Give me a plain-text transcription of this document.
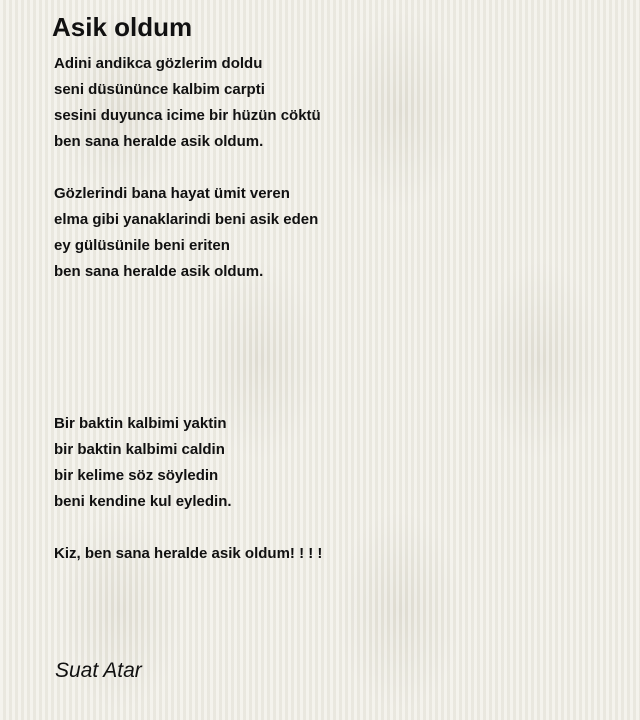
Asik oldum
Adini andikca gözlerim doldu
seni düsününce kalbim carpti
sesini duyunca icime bir hüzün cöktü
ben sana heralde asik oldum.
Gözlerindi bana hayat ümit veren
elma gibi yanaklarindi beni asik eden
ey gülüsünile beni eriten
ben sana heralde asik oldum.
Bir baktin kalbimi yaktin
bir baktin kalbimi caldin
bir kelime söz söyledin
beni kendine kul eyledin.
Kiz, ben sana heralde asik oldum! ! ! !
Suat Atar
